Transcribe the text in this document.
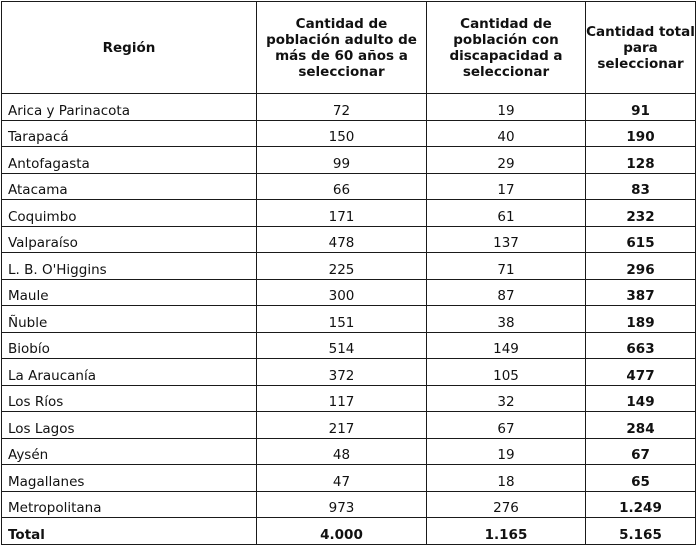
Región	Cantidad de población adulto de más de 60 años a seleccionar	Cantidad de población con discapacidad a seleccionar	Cantidad total para seleccionar
Arica y Parinacota	72	19	91
Tarapacá	150	40	190
Antofagasta	99	29	128
Atacama	66	17	83
Coquimbo	171	61	232
Valparaíso	478	137	615
L. B. O'Higgins	225	71	296
Maule	300	87	387
Ñuble	151	38	189
Biobío	514	149	663
La Araucanía	372	105	477
Los Ríos	117	32	149
Los Lagos	217	67	284
Aysén	48	19	67
Magallanes	47	18	65
Metropolitana	973	276	1.249
Total	4.000	1.165	5.165
